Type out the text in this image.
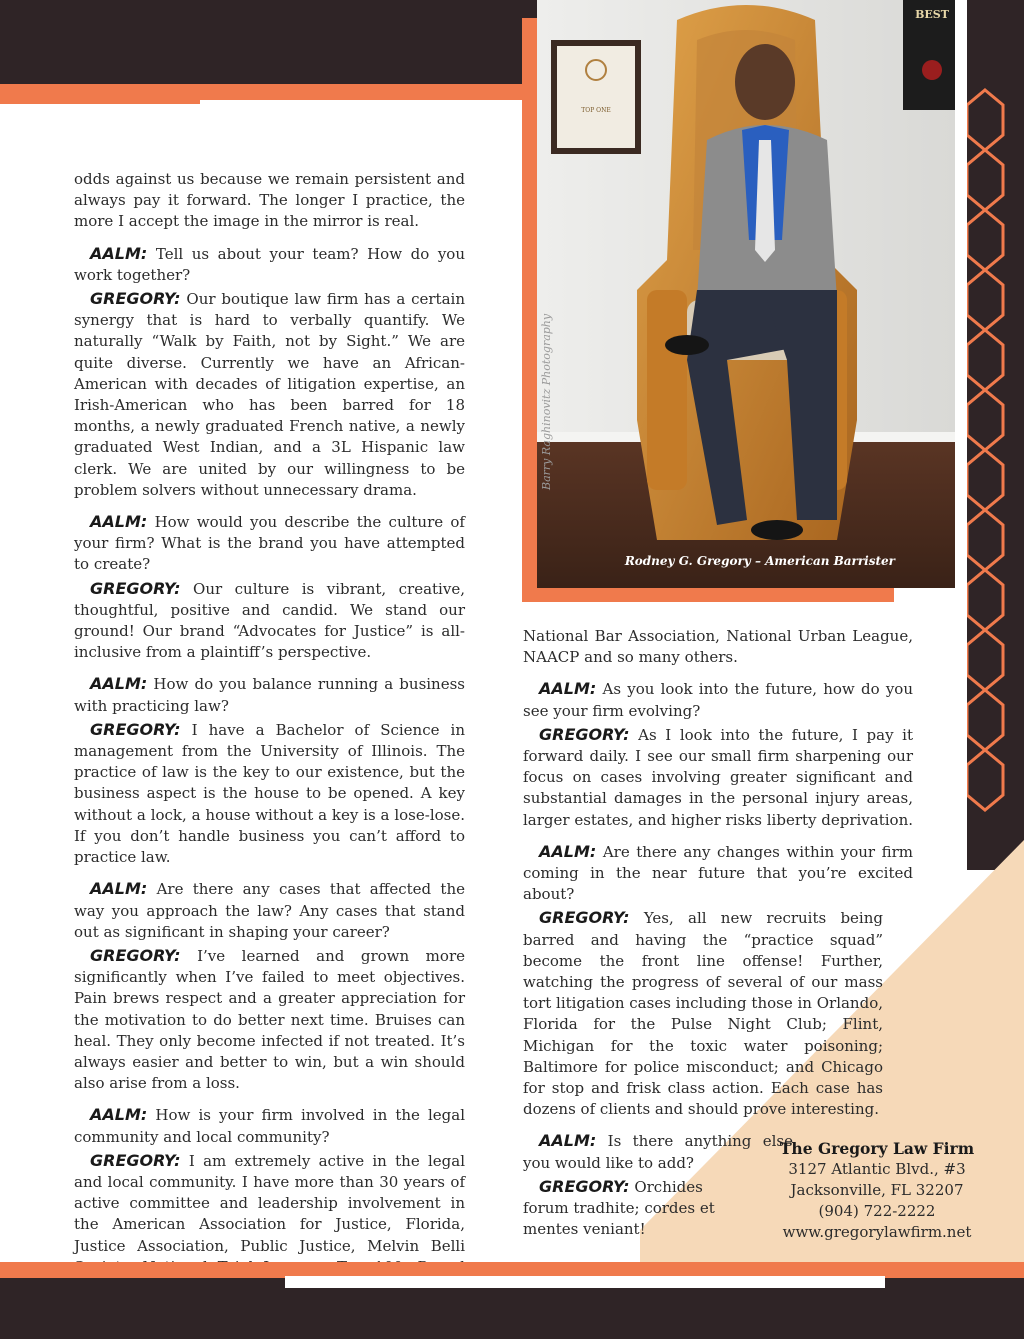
TOP ONE
BEST
Rodney G. Gregory – American Barrister
Barry Raghinovitz Photography

odds against us because we remain persistent and always pay it forward. The longer I practice, the more I accept the image in the mirror is real.

AALM: Tell us about your team? How do you work together?

GREGORY: Our boutique law firm has a certain synergy that is hard to verbally quantify. We naturally “Walk by Faith, not by Sight.” We are quite diverse. Currently we have an African-American with decades of litigation expertise, an Irish-American who has been barred for 18 months, a newly graduated French native, a newly graduated West Indian, and a 3L Hispanic law clerk. We are united by our willingness to be problem solvers without unnecessary drama.

AALM: How would you describe the culture of your firm? What is the brand you have attempted to create?

GREGORY: Our culture is vibrant, creative, thoughtful, positive and candid. We stand our ground! Our brand “Advocates for Justice” is all-inclusive from a plaintiff’s perspective.

AALM: How do you balance running a business with practicing law?

GREGORY: I have a Bachelor of Science in management from the University of Illinois. The practice of law is the key to our existence, but the business aspect is the house to be opened. A key without a lock, a house without a key is a lose-lose. If you don’t handle business you can’t afford to practice law.

AALM: Are there any cases that affected the way you approach the law? Any cases that stand out as significant in shaping your career?

GREGORY: I’ve learned and grown more significantly when I’ve failed to meet objectives. Pain brews respect and a greater appreciation for the motivation to do better next time. Bruises can heal. They only become infected if not treated. It’s always easier and better to win, but a win should also arise from a loss.

AALM: How is your firm involved in the legal community and local community?

GREGORY: I am extremely active in the legal and local community. I have more than 30 years of active committee and leadership involvement in the American Association for Justice, Florida, Justice Association, Public Justice, Melvin Belli

National Bar Association, National Urban League, NAACP and so many others.

AALM: As you look into the future, how do you see your firm evolving?

GREGORY: As I look into the future, I pay it forward daily. I see our small firm sharpening our focus on cases involving greater significant and substantial damages in the personal injury areas, larger estates, and higher risks liberty deprivation.

AALM: Are there any changes within your firm coming in the near future that you’re excited about?

GREGORY: Yes, all new recruits being barred and having the “practice squad” become the front line offense! Further, watching the progress of several of our mass tort litigation cases including those in Orlando, Florida for the Pulse Night Club; Flint, Michigan for the toxic water poisoning; Baltimore for police misconduct; and Chicago for stop and frisk class action. Each case has dozens of clients and should prove interesting.

AALM: Is there anything else you would like to add?

GREGORY: Orchides forum tradhite; cordes et mentes veniant!

The Gregory Law Firm
3127 Atlantic Blvd., #3
Jacksonville, FL 32207
(904) 722-2222
www.gregorylawfirm.net
